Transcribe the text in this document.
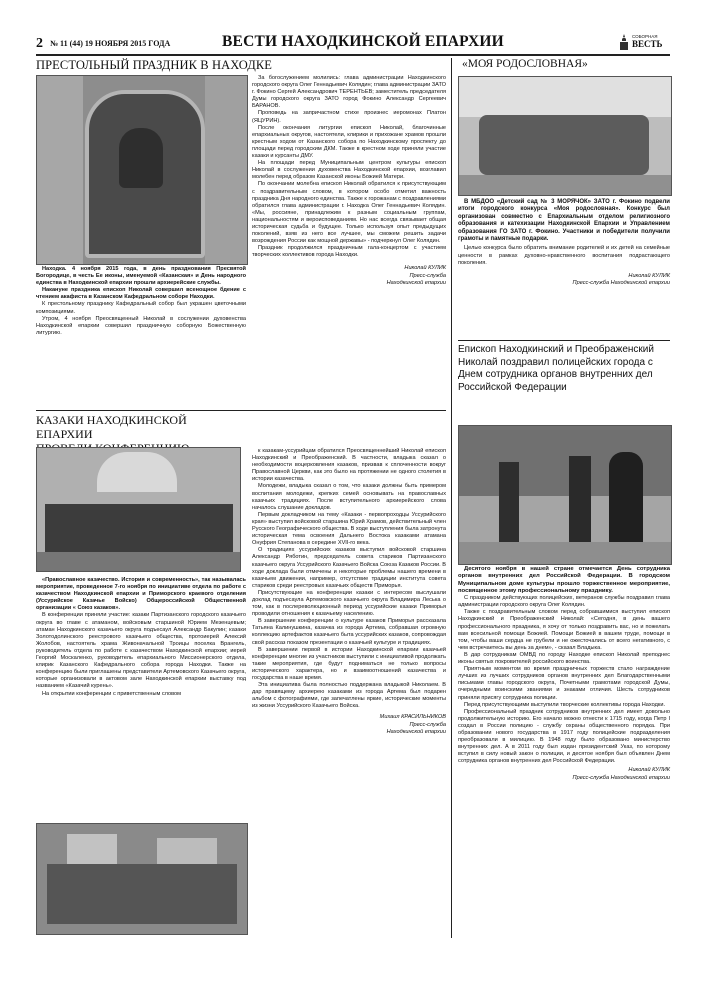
2 № 11 (44) 19 НОЯБРЯ 2015 ГОДА	ВЕСТИ НАХОДКИНСКОЙ ЕПАРХИИ	СОБОРНАЯ
ВЕСТЬ
ПРЕСТОЛЬНЫЙ ПРАЗДНИК В НАХОДКЕ

Находка. 4 ноября 2015 года, в день празднования Пресвятой Богородице, в честь Ее иконы, именуемой «Казанская» и День народного единства в Находкинской епархии прошли архиерейские службы.

Накануне праздника епископ Николай совершил всенощное бдение с чтением акафиста в Казанском Кафедральном соборе Находки.

К престольному празднику Кафедральный собор был украшен цветочными композициями.

Утром, 4 ноября Преосвященный Николай в сослужении духовенства Находкинской епархии совершил праздничную соборную Божественную литургию.

За богослужением молились: глава администрации Находкинского городского округа Олег Геннадьевич Колядин; глава администрации ЗАТО г. Фокино Сергей Александрович ТЕРЕНТЬЕВ; заместитель председателя Думы городского округа ЗАТО город Фокино Александр Сергеевич БАРАНОВ.

Проповедь на запричастном стихе произнес иеромонах Платон (ЯЦУРИН).

После окончания литургии епископ Николай, благочинные епархиальных округов, настоятели, клирики и прихожане храмов прошли крестным ходом от Казанского собора по Находкинскому проспекту до площади перед городским ДКМ. Также в крестном ходе приняли участие казаки и курсанты ДМУ.

На площади перед Муниципальным центром культуры епископ Николай в сослужении духовенства Находкинской епархии, возглавил молебен перед образом Казанской иконы Божией Матери.

По окончании молебна епископ Николай обратился к присутствующим с поздравительным словом, в котором особо отметил важность праздника Дня народного единства. Также к горожанам с поздравлениями обратился глава администрации г. Находка Олег Геннадьевич Колядин. «Мы, россияне, принадлежим к разным социальным группам, национальностям и вероисповеданиям. Но нас всегда связывает общая историческая судьба и будущее. Только используя опыт предыдущих поколений, взяв из него все лучшее, мы сможем решить задачи возрождения России как мощной державы» - подчеркнул Олег Колядин.

Праздник продолжился праздничным гала-концертом с участием творческих коллективов города Находки.

Николай КУЛИК

Пресс-служба

Находкинской епархии

КАЗАКИ НАХОДКИНСКОЙ ЕПАРХИИ

«Православное казачество. История и современность», так называлась мероприятие, проведенное 7-го ноября по инициативе отдела по работе с казачеством Находкинской епархии и Приморского краевого отделения (Уссурийское Казачье Войско) Общероссийской Общественной организации « Союз казаков».

В конференции приняли участие: казаки Партизанского городского казачьего округа во главе с атаманом, войсковым старшиной Юрием Мезенцевым; атаман Находкинского казачьего округа подъесаул Александр Бакулин; казаки Золотодолинского реестрового казачьего общества, протоиерей Алексий Жолобов, настоятель храма Живоначальной Троицы поселка Врангель, руководитель отдела по работе с казачеством Находкинской епархии; иерей Георгий Москаленко, руководитель епархиального Миссионерского отдела, клирик Казанского Кафедрального собора города Находки. Также на конференцию были приглашены представители Артемовского Казачьего округа, которые организовали в актовом зале Находкинской епархии выставку под названием «Казачий курень».

На открытии конференции с приветственным словом

к казакам-уссурийцам обратился Преосвященнейший Николай епископ Находкинский и Преображенский. В частности, владыка сказал о необходимости воцерковления казаков, призвав к сплоченности вокруг Православной Церкви, как это было на протяжении не одного столетия в истории казачества.

Молодежи, владыка сказал о том, что казаки должны быть примером воспитания молодежи, крепких семей основывать на православных казачьих традициях. После вступительного архиерейского слова началось слушание докладов.

Первым докладчиком на тему «Казаки - первопроходцы Уссурийского края» выступил войсковой старшина Юрий Храмов, действительный член Русского Географического общества. В ходе выступления была затронута историческая тема освоения Дальнего Востока казаками атамана Онуфрия Степанова в середине XVII-го века.

О традициях уссурийских казаков выступил войсковой старшина Александр Ряботин, председатель совета стариков Партизанского казачьего округа Уссурийского Казачьего Войска Союза Казаков России. В ходе доклада были отмечены и некоторые проблемы нашего времени в казачьем движении, например, отсутствие традиции института совета стариков среди реестровых казачьих обществ Приморья.

Присутствующие на конференции казаки с интересом выслушали доклад подъесаула Артемовского казачьего округа Владимира Леська о том, как в послереволюционный период уссурийские казаки Приморья проводили отношения к казачьему населению.

В завершение конференции о культуре казаков Приморья рассказала Татьяна Калинушкина, казачка из города Артема, собравшая огромную коллекцию артефактов казачьего быта уссурийских казаков, сопровождая свой рассказ показом презентации о казачьей культуре и традициях.

В завершении первой в истории Находкинской епархии казачьей конференции многие из участников выступили с инициативой продолжать такие мероприятия, где будут подниматься не только вопросы исторического характера, но и взаимоотношений казачества и государства в наше время.

Эта инициатива была полностью поддержана владыкой Николаем. В дар правящему архиерею казаками из города Артема был подарен альбом с фотографиями, где запечатлены яркие, исторические моменты из жизни Уссурийского Казачьего Войска.

Михаил КРАСИЛЬНИКОВ

Пресс-служба

Находкинской епархии

«МОЯ РОДОСЛОВНАЯ»

В МБДОО «Детский сад № 3 МОРЯЧОК» ЗАТО г. Фокино подвели итоги городского конкурса «Моя родословная». Конкурс был организован совместно с Епархиальным отделом религиозного образования и катехизации Находкинской Епархии и Управлением образования ГО ЗАТО г. Фокино. Участники и победители получили грамоты и памятные подарки.

Целью конкурса было обратить внимание родителей и их детей на семейные ценности в рамках духовно-нравственного воспитания подрастающего поколения.

Николай КУЛИК

Пресс-служба Находкинской епархии

Епископ Находкинский и Преображенский Николай поздравил полицейских города с Днем сотрудника органов внутренних дел Российской Федерации

Десятого ноября в нашей стране отмечается День сотрудника органов внутренних дел Российской Федерации. В городском Муниципальном доме культуры прошло торжественное мероприятие, посвященное этому профессиональному празднику.

С праздником действующих полицейских, ветеранов службы поздравил глава администрации городского округа Олег Колядин.

Также с поздравительным словом перед собравшимися выступил епископ Находкинский и Преображенский Николай: «Сегодня, в день вашего профессионального праздника, я хочу от только поздравить вас, но и пожелать вам всесильной помощи Божией. Помощи Божией в вашем труде, помощи в том, чтобы ваши сердца не грубели и не ожесточались от всего негативного, с чем встречаетесь вы день за днем», - сказал Владыка.

В дар сотрудникам ОМВД по городу Находке епископ Николай преподнес иконы святых покровителей российского воинства.

Приятным моментом во время праздничных торжеств стало награждение лучших из лучших сотрудников органов внутренних дел Благодарственными письмами главы городского округа, Почетными грамотами городской Думы, очередными воинскими званиями и знаками отличия. Шесть сотрудников приняли присягу сотрудника полиции.

Перед присутствующими выступили творческие коллективы города Находки.

Профессиональный праздник сотрудников внутренних дел имеет довольно продолжительную историю. Его начало можно отнести к 1715 году, когда Петр I создал в России полицию - службу охраны общественного порядка. При образовании нового государства в 1917 году полицейские подразделения преобразовали в милицию. В 1948 году было образовано министерство внутренних дел. А в 2011 году был издан президентский Указ, по которому вступил в силу новый закон о полиции, и десятое ноября был объявлен Днем сотрудника органов внутренних дел Российской Федерации.

Николай КУЛИК

Пресс-служба Находкинской епархии
